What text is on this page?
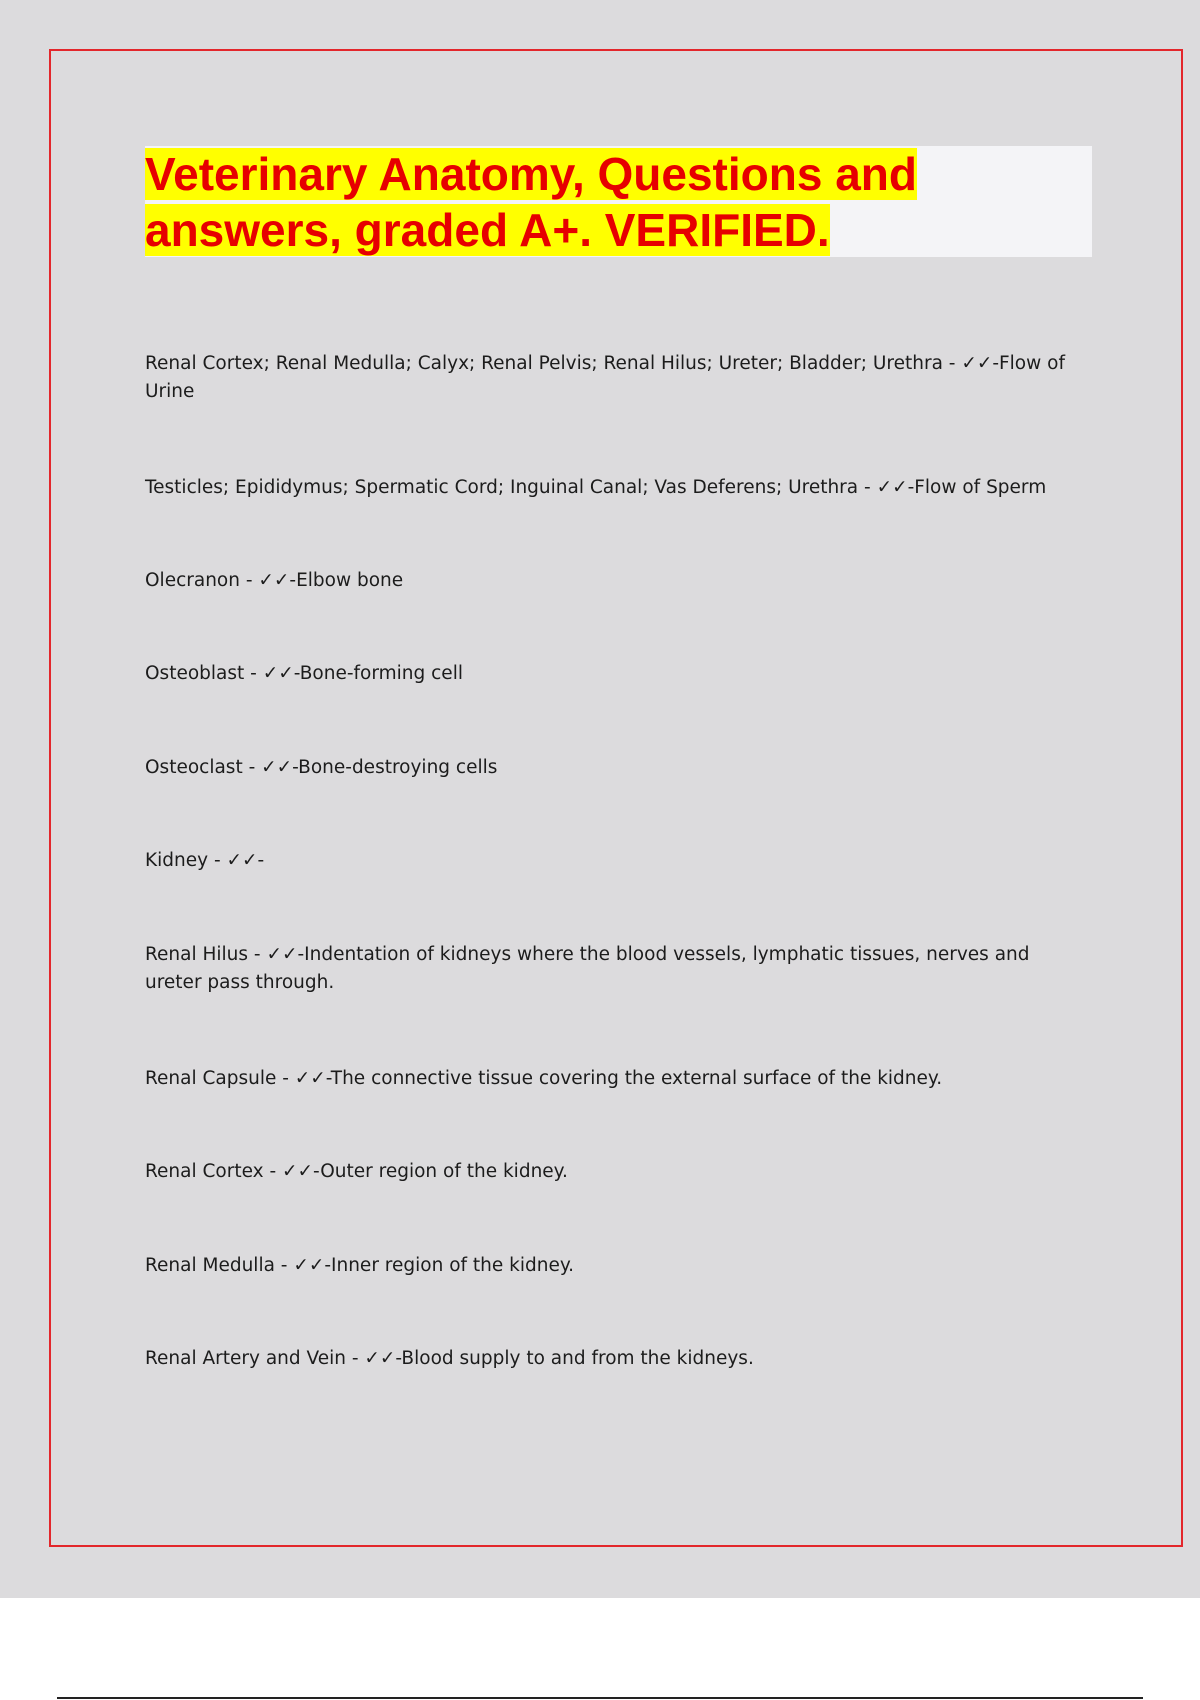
Veterinary Anatomy, Questions and answers, graded A+. VERIFIED.
Renal Cortex; Renal Medulla; Calyx; Renal Pelvis; Renal Hilus; Ureter; Bladder; Urethra - ✓✓-Flow of Urine
Testicles; Epididymus; Spermatic Cord; Inguinal Canal; Vas Deferens; Urethra - ✓✓-Flow of Sperm
Olecranon - ✓✓-Elbow bone
Osteoblast - ✓✓-Bone-forming cell
Osteoclast - ✓✓-Bone-destroying cells
Kidney - ✓✓-
Renal Hilus - ✓✓-Indentation of kidneys where the blood vessels, lymphatic tissues, nerves and ureter pass through.
Renal Capsule - ✓✓-The connective tissue covering the external surface of the kidney.
Renal Cortex - ✓✓-Outer region of the kidney.
Renal Medulla - ✓✓-Inner region of the kidney.
Renal Artery and Vein - ✓✓-Blood supply to and from the kidneys.
